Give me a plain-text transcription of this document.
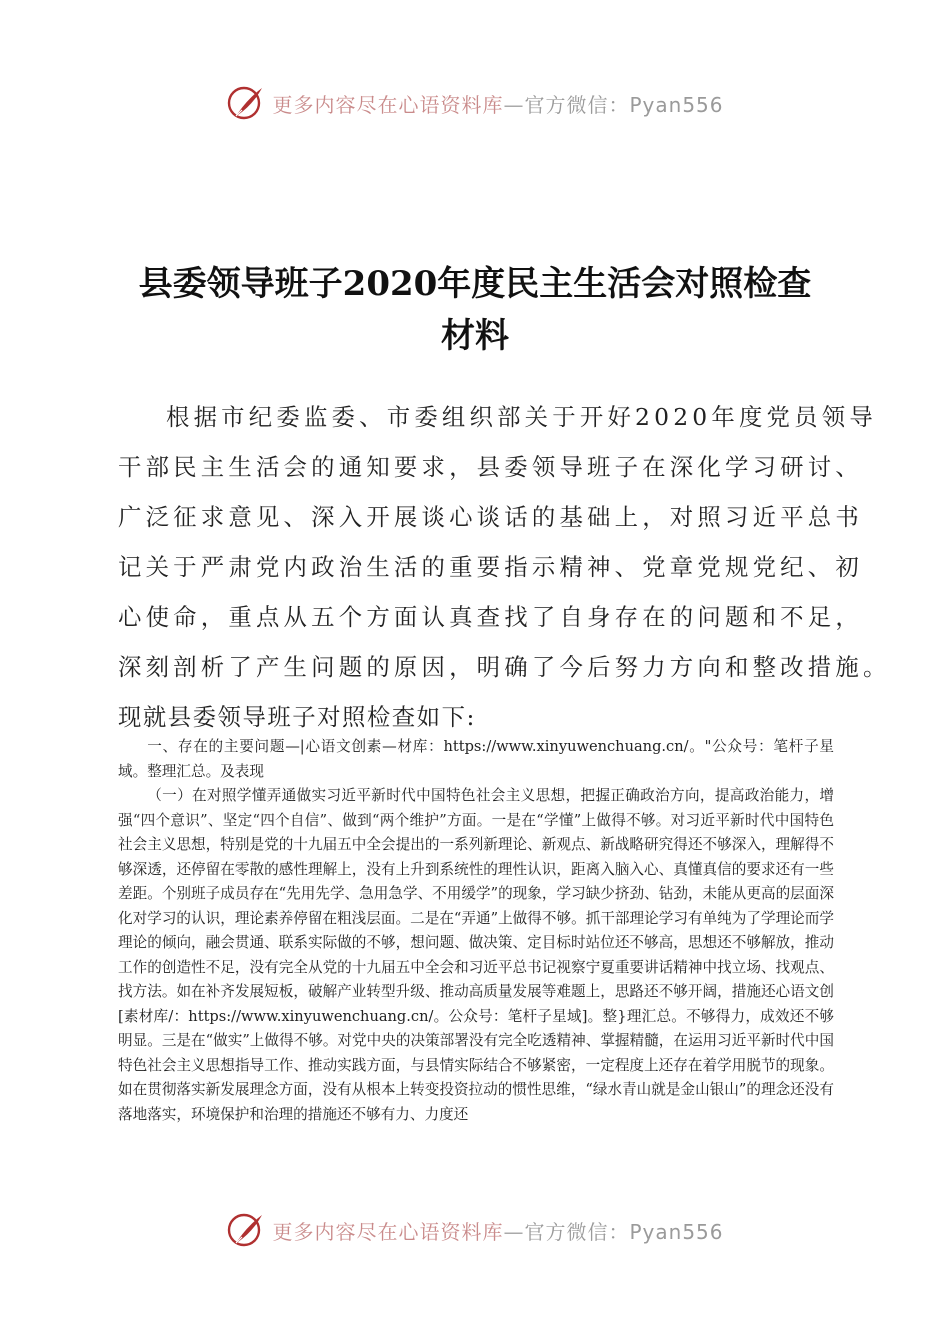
更多内容尽在心语资料库—官方微信：Pyan556
县委领导班子2020年度民主生活会对照检查
材料
根据市纪委监委、市委组织部关于开好2020年度党员领导
干部民主生活会的通知要求，县委领导班子在深化学习研讨、
广泛征求意见、深入开展谈心谈话的基础上，对照习近平总书
记关于严肃党内政治生活的重要指示精神、党章党规党纪、初
心使命，重点从五个方面认真查找了自身存在的问题和不足，
深刻剖析了产生问题的原因，明确了今后努力方向和整改措施。
现就县委领导班子对照检查如下:

一、存在的主要问题—|心语文创素—材库：https://www.xinyuwenchuang.cn/。"公众号：笔杆子星域。整理汇总。及表现

（一）在对照学懂弄通做实习近平新时代中国特色社会主义思想，把握正确政治方向，提高政治能力，增强“四个意识”、坚定“四个自信”、做到“两个维护”方面。一是在“学懂”上做得不够。对习近平新时代中国特色社会主义思想，特别是党的十九届五中全会提出的一系列新理论、新观点、新战略研究得还不够深入，理解得不够深透，还停留在零散的感性理解上，没有上升到系统性的理性认识，距离入脑入心、真懂真信的要求还有一些差距。个别班子成员存在“先用先学、急用急学、不用缓学”的现象，学习缺少挤劲、钻劲，未能从更高的层面深化对学习的认识，理论素养停留在粗浅层面。二是在“弄通”上做得不够。抓干部理论学习有单纯为了学理论而学理论的倾向，融会贯通、联系实际做的不够，想问题、做决策、定目标时站位还不够高，思想还不够解放，推动工作的创造性不足，没有完全从党的十九届五中全会和习近平总书记视察宁夏重要讲话精神中找立场、找观点、找方法。如在补齐发展短板，破解产业转型升级、推动高质量发展等难题上，思路还不够开阔，措施还心语文创[素材库/：https://www.xinyuwenchuang.cn/。公众号：笔杆子星域]。整}理汇总。不够得力，成效还不够明显。三是在“做实”上做得不够。对党中央的决策部署没有完全吃透精神、掌握精髓，在运用习近平新时代中国特色社会主义思想指导工作、推动实践方面，与县情实际结合不够紧密，一定程度上还存在着学用脱节的现象。如在贯彻落实新发展理念方面，没有从根本上转变投资拉动的惯性思维，“绿水青山就是金山银山”的理念还没有落地落实，环境保护和治理的措施还不够有力、力度还

更多内容尽在心语资料库—官方微信：Pyan556
